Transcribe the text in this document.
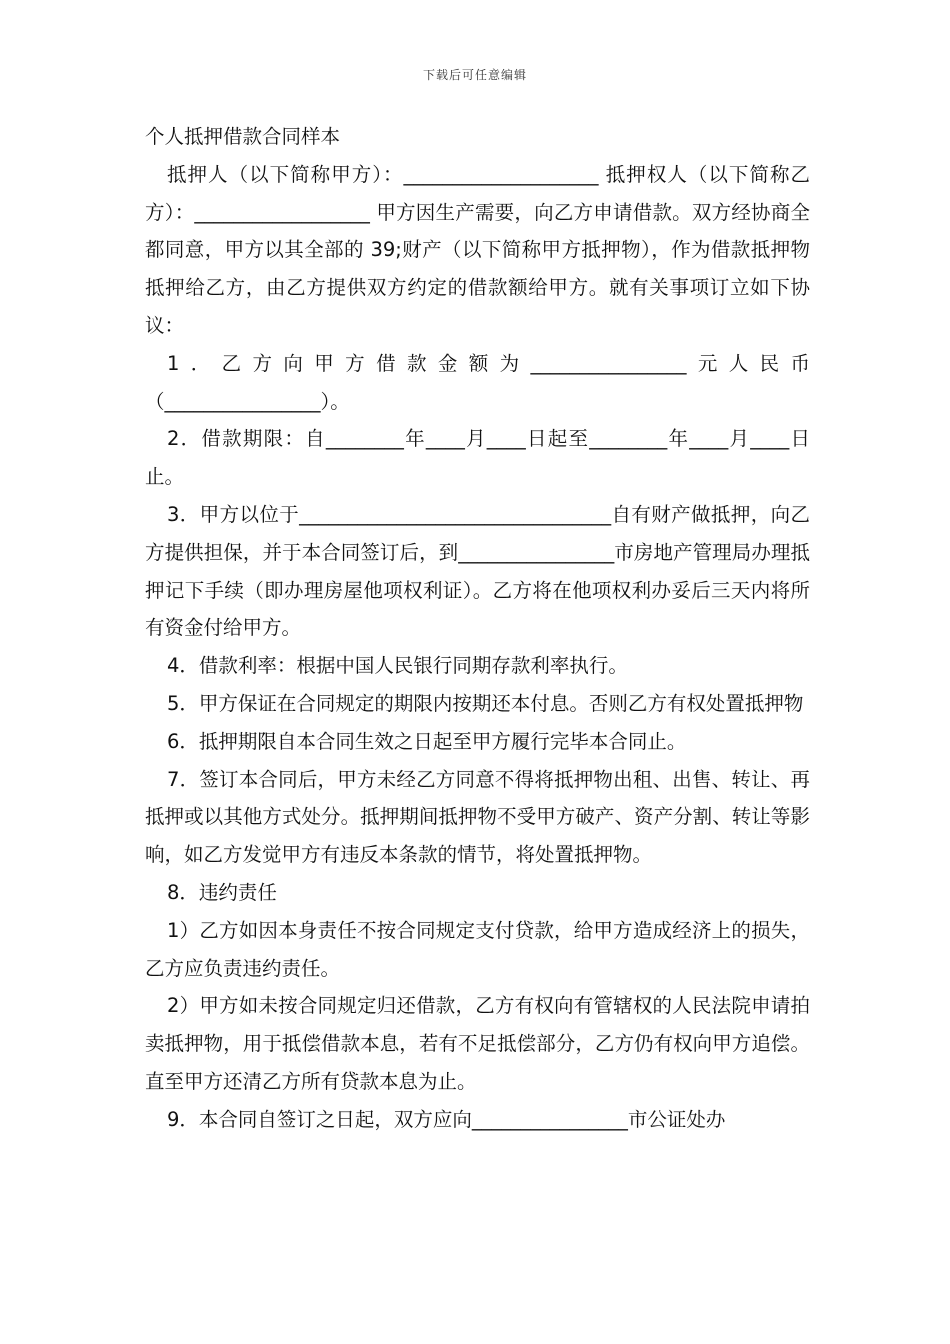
下载后可任意编辑

个人抵押借款合同样本

抵押人（以下简称甲方）：____________________ 抵押权人（以下简称乙方）：__________________ 甲方因生产需要，向乙方申请借款。双方经协商全都同意，甲方以其全部的 39;财产（以下简称甲方抵押物），作为借款抵押物抵押给乙方，由乙方提供双方约定的借款额给甲方。就有关事项订立如下协议：

1．乙方向甲方借款金额为________________元人民币（________________）。

2．借款期限：自________年____月____日起至________年____月____日止。

3．甲方以位于________________________________自有财产做抵押，向乙方提供担保，并于本合同签订后，到________________市房地产管理局办理抵押记下手续（即办理房屋他项权利证）。乙方将在他项权利办妥后三天内将所有资金付给甲方。

4．借款利率：根据中国人民银行同期存款利率执行。

5．甲方保证在合同规定的期限内按期还本付息。否则乙方有权处置抵押物

6．抵押期限自本合同生效之日起至甲方履行完毕本合同止。

7．签订本合同后，甲方未经乙方同意不得将抵押物出租、出售、转让、再抵押或以其他方式处分。抵押期间抵押物不受甲方破产、资产分割、转让等影响，如乙方发觉甲方有违反本条款的情节，将处置抵押物。

8．违约责任

1）乙方如因本身责任不按合同规定支付贷款，给甲方造成经济上的损失，乙方应负责违约责任。

2）甲方如未按合同规定归还借款，乙方有权向有管辖权的人民法院申请拍卖抵押物，用于抵偿借款本息，若有不足抵偿部分，乙方仍有权向甲方追偿。直至甲方还清乙方所有贷款本息为止。

9．本合同自签订之日起，双方应向________________市公证处办
